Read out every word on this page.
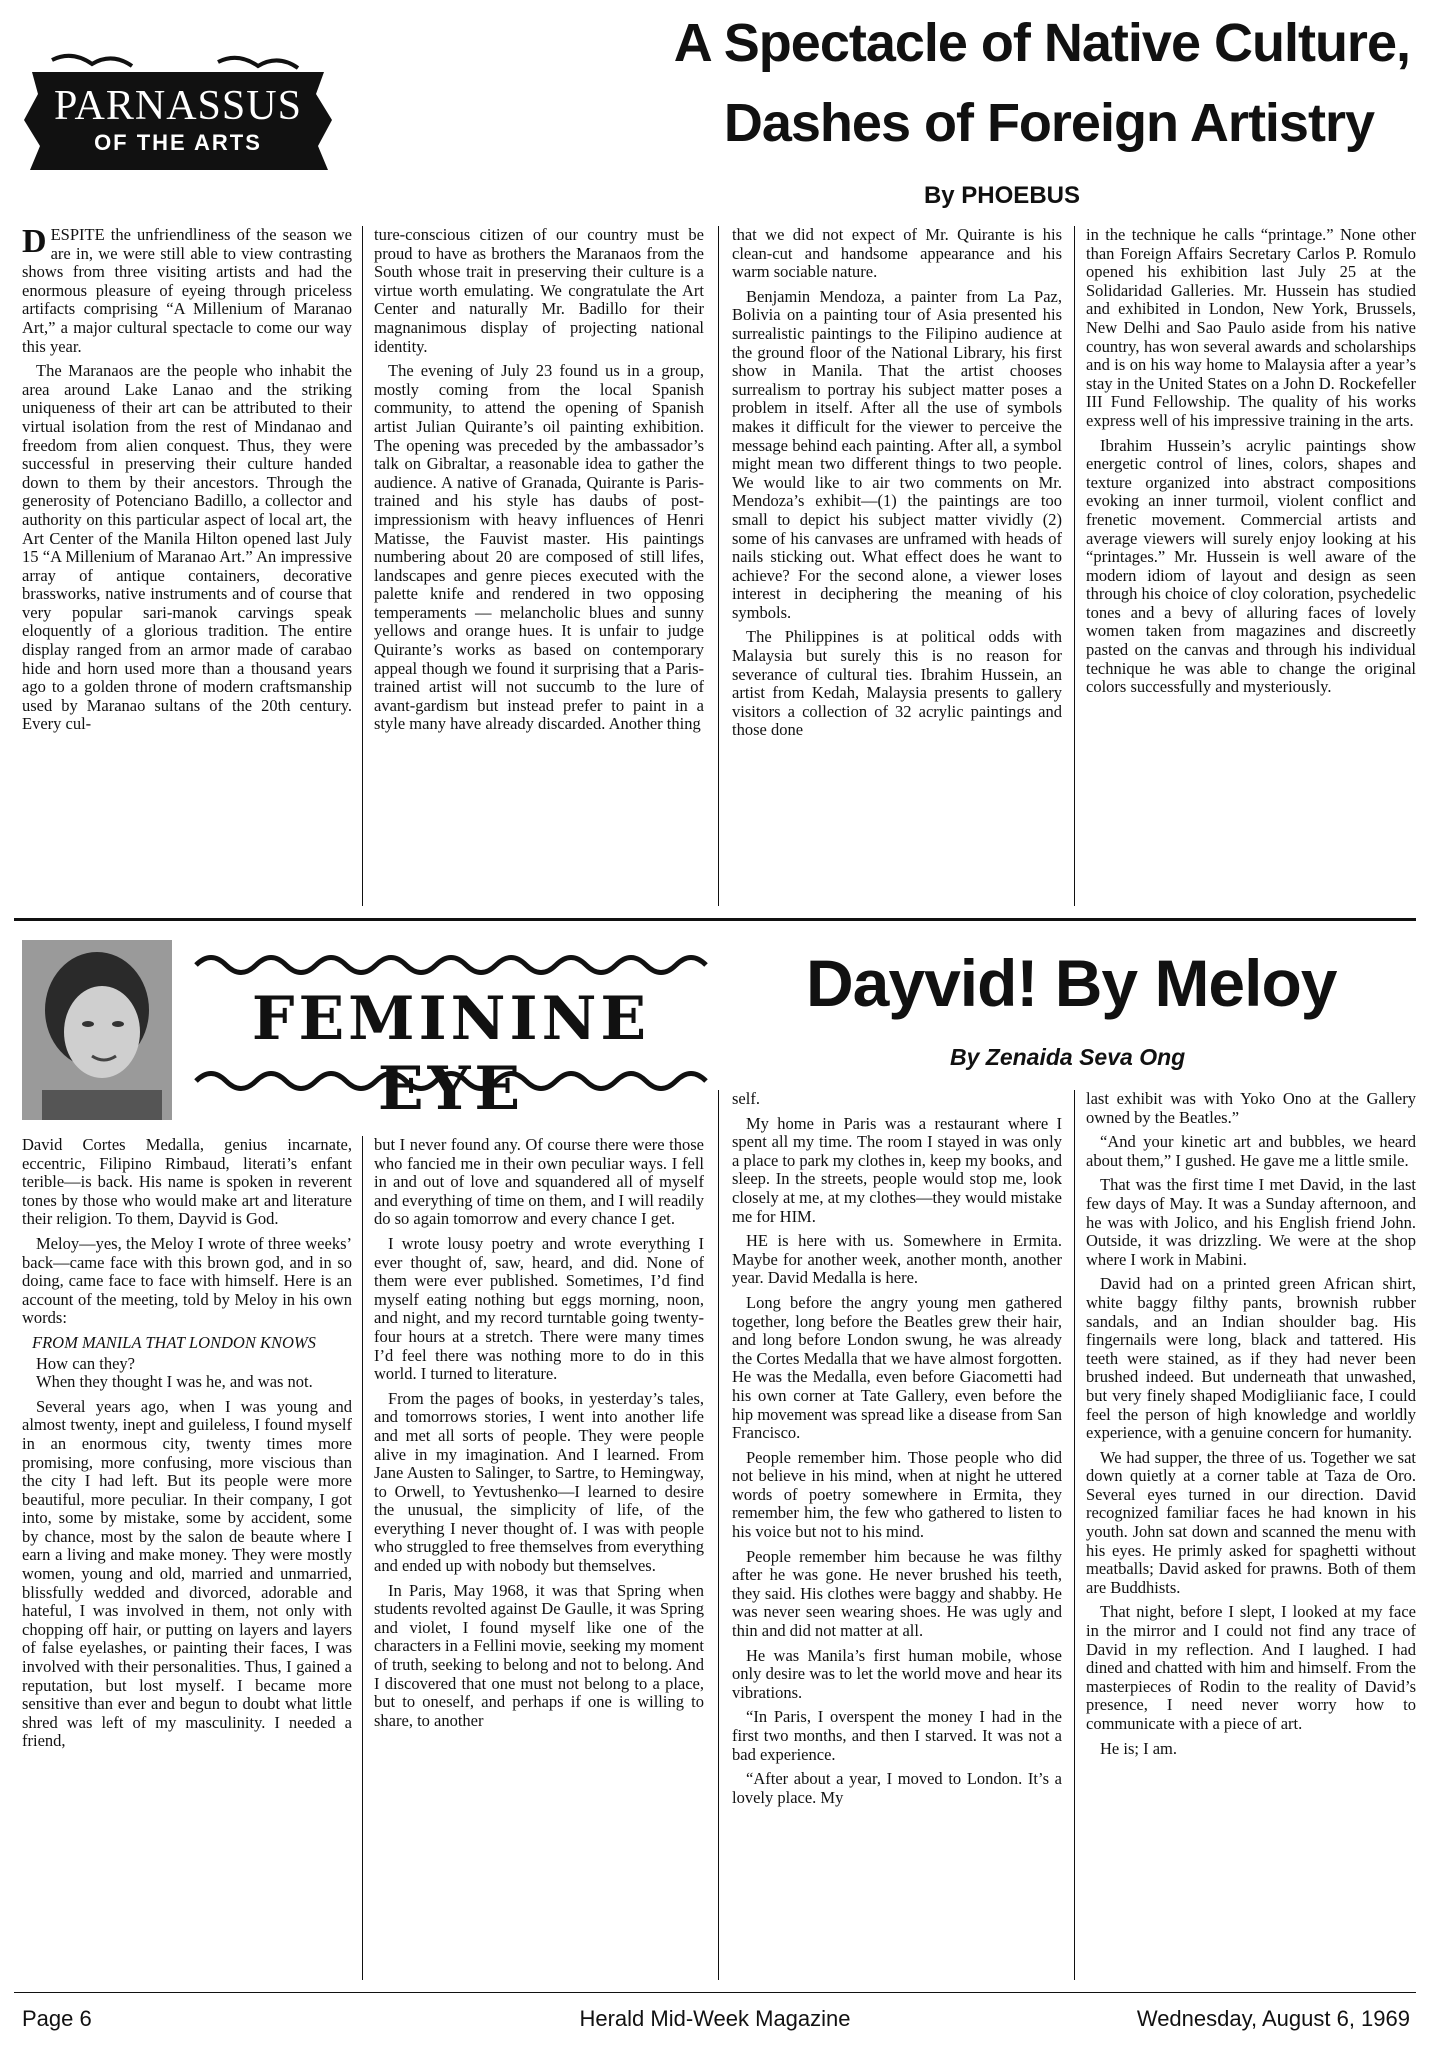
PARNASSUS
OF THE ARTS
A Spectacle of Native Culture,
Dashes of Foreign Artistry
By PHOEBUS

DESPITE the unfriendliness of the season we are in, we were still able to view contrasting shows from three visiting artists and had the enormous pleasure of eyeing through priceless artifacts comprising “A Millenium of Maranao Art,” a major cultural spectacle to come our way this year.

The Maranaos are the people who inhabit the area around Lake Lanao and the striking uniqueness of their art can be attributed to their virtual isolation from the rest of Mindanao and freedom from alien conquest. Thus, they were successful in preserving their culture handed down to them by their ancestors. Through the generosity of Potenciano Badillo, a collector and authority on this particular aspect of local art, the Art Center of the Manila Hilton opened last July 15 “A Millenium of Maranao Art.” An impressive array of antique containers, decorative brassworks, native instruments and of course that very popular sari-manok carvings speak eloquently of a glorious tradition. The entire display ranged from an armor made of carabao hide and horn used more than a thousand years ago to a golden throne of modern craftsmanship used by Maranao sultans of the 20th century. Every cul-

ture-conscious citizen of our country must be proud to have as brothers the Maranaos from the South whose trait in preserving their culture is a virtue worth emulating. We congratulate the Art Center and naturally Mr. Badillo for their magnanimous display of projecting national identity.

The evening of July 23 found us in a group, mostly coming from the local Spanish community, to attend the opening of Spanish artist Julian Quirante’s oil painting exhibition. The opening was preceded by the ambassador’s talk on Gibraltar, a reasonable idea to gather the audience. A native of Granada, Quirante is Paris-trained and his style has daubs of post-impressionism with heavy influences of Henri Matisse, the Fauvist master. His paintings numbering about 20 are composed of still lifes, landscapes and genre pieces executed with the palette knife and rendered in two opposing temperaments — melancholic blues and sunny yellows and orange hues. It is unfair to judge Quirante’s works as based on contemporary appeal though we found it surprising that a Paris-trained artist will not succumb to the lure of avant-gardism but instead prefer to paint in a style many have already discarded. Another thing

that we did not expect of Mr. Quirante is his clean-cut and handsome appearance and his warm sociable nature.

Benjamin Mendoza, a painter from La Paz, Bolivia on a painting tour of Asia presented his surrealistic paintings to the Filipino audience at the ground floor of the National Library, his first show in Manila. That the artist chooses surrealism to portray his subject matter poses a problem in itself. After all the use of symbols makes it difficult for the viewer to perceive the message behind each painting. After all, a symbol might mean two different things to two people. We would like to air two comments on Mr. Mendoza’s exhibit—(1) the paintings are too small to depict his subject matter vividly (2) some of his canvases are unframed with heads of nails sticking out. What effect does he want to achieve? For the second alone, a viewer loses interest in deciphering the meaning of his symbols.

The Philippines is at political odds with Malaysia but surely this is no reason for severance of cultural ties. Ibrahim Hussein, an artist from Kedah, Malaysia presents to gallery visitors a collection of 32 acrylic paintings and those done

in the technique he calls “printage.” None other than Foreign Affairs Secretary Carlos P. Romulo opened his exhibition last July 25 at the Solidaridad Galleries. Mr. Hussein has studied and exhibited in London, New York, Brussels, New Delhi and Sao Paulo aside from his native country, has won several awards and scholarships and is on his way home to Malaysia after a year’s stay in the United States on a John D. Rockefeller III Fund Fellowship. The quality of his works express well of his impressive training in the arts.

Ibrahim Hussein’s acrylic paintings show energetic control of lines, colors, shapes and texture organized into abstract compositions evoking an inner turmoil, violent conflict and frenetic movement. Commercial artists and average viewers will surely enjoy looking at his “printages.” Mr. Hussein is well aware of the modern idiom of layout and design as seen through his choice of cloy coloration, psychedelic tones and a bevy of alluring faces of lovely women taken from magazines and discreetly pasted on the canvas and through his individual technique he was able to change the original colors successfully and mysteriously.

FEMININE EYE
Dayvid! By Meloy
By Zenaida Seva Ong

David Cortes Medalla, genius incarnate, eccentric, Filipino Rimbaud, literati’s enfant terible—is back. His name is spoken in reverent tones by those who would make art and literature their religion. To them, Dayvid is God.

Meloy—yes, the Meloy I wrote of three weeks’ back—came face with this brown god, and in so doing, came face to face with himself. Here is an account of the meeting, told by Meloy in his own words:

FROM MANILA THAT LONDON KNOWS

How can they?

When they thought I was he, and was not.

Several years ago, when I was young and almost twenty, inept and guileless, I found myself in an enormous city, twenty times more promising, more confusing, more viscious than the city I had left. But its people were more beautiful, more peculiar. In their company, I got into, some by mistake, some by accident, some by chance, most by the salon de beaute where I earn a living and make money. They were mostly women, young and old, married and unmarried, blissfully wedded and divorced, adorable and hateful, I was involved in them, not only with chopping off hair, or putting on layers and layers of false eyelashes, or painting their faces, I was involved with their personalities. Thus, I gained a reputation, but lost myself. I became more sensitive than ever and begun to doubt what little shred was left of my masculinity. I needed a friend,

but I never found any. Of course there were those who fancied me in their own peculiar ways. I fell in and out of love and squandered all of myself and everything of time on them, and I will readily do so again tomorrow and every chance I get.

I wrote lousy poetry and wrote everything I ever thought of, saw, heard, and did. None of them were ever published. Sometimes, I’d find myself eating nothing but eggs morning, noon, and night, and my record turntable going twenty-four hours at a stretch. There were many times I’d feel there was nothing more to do in this world. I turned to literature.

From the pages of books, in yesterday’s tales, and tomorrows stories, I went into another life and met all sorts of people. They were people alive in my imagination. And I learned. From Jane Austen to Salinger, to Sartre, to Hemingway, to Orwell, to Yevtushenko—I learned to desire the unusual, the simplicity of life, of the everything I never thought of. I was with people who struggled to free themselves from everything and ended up with nobody but themselves.

In Paris, May 1968, it was that Spring when students revolted against De Gaulle, it was Spring and violet, I found myself like one of the characters in a Fellini movie, seeking my moment of truth, seeking to belong and not to belong. And I discovered that one must not belong to a place, but to oneself, and perhaps if one is willing to share, to another

self.

My home in Paris was a restaurant where I spent all my time. The room I stayed in was only a place to park my clothes in, keep my books, and sleep. In the streets, people would stop me, look closely at me, at my clothes—they would mistake me for HIM.

HE is here with us. Somewhere in Ermita. Maybe for another week, another month, another year. David Medalla is here.

Long before the angry young men gathered together, long before the Beatles grew their hair, and long before London swung, he was already the Cortes Medalla that we have almost forgotten. He was the Medalla, even before Giacometti had his own corner at Tate Gallery, even before the hip movement was spread like a disease from San Francisco.

People remember him. Those people who did not believe in his mind, when at night he uttered words of poetry somewhere in Ermita, they remember him, the few who gathered to listen to his voice but not to his mind.

People remember him because he was filthy after he was gone. He never brushed his teeth, they said. His clothes were baggy and shabby. He was never seen wearing shoes. He was ugly and thin and did not matter at all.

He was Manila’s first human mobile, whose only desire was to let the world move and hear its vibrations.

“In Paris, I overspent the money I had in the first two months, and then I starved. It was not a bad experience.

“After about a year, I moved to London. It’s a lovely place. My

last exhibit was with Yoko Ono at the Gallery owned by the Beatles.”

“And your kinetic art and bubbles, we heard about them,” I gushed. He gave me a little smile.

That was the first time I met David, in the last few days of May. It was a Sunday afternoon, and he was with Jolico, and his English friend John. Outside, it was drizzling. We were at the shop where I work in Mabini.

David had on a printed green African shirt, white baggy filthy pants, brownish rubber sandals, and an Indian shoulder bag. His fingernails were long, black and tattered. His teeth were stained, as if they had never been brushed indeed. But underneath that unwashed, but very finely shaped Modigliianic face, I could feel the person of high knowledge and worldly experience, with a genuine concern for humanity.

We had supper, the three of us. Together we sat down quietly at a corner table at Taza de Oro. Several eyes turned in our direction. David recognized familiar faces he had known in his youth. John sat down and scanned the menu with his eyes. He primly asked for spaghetti without meatballs; David asked for prawns. Both of them are Buddhists.

That night, before I slept, I looked at my face in the mirror and I could not find any trace of David in my reflection. And I laughed. I had dined and chatted with him and himself. From the masterpieces of Rodin to the reality of David’s presence, I need never worry how to communicate with a piece of art.

He is; I am.

Page 6	Herald Mid-Week Magazine	Wednesday, August 6, 1969
